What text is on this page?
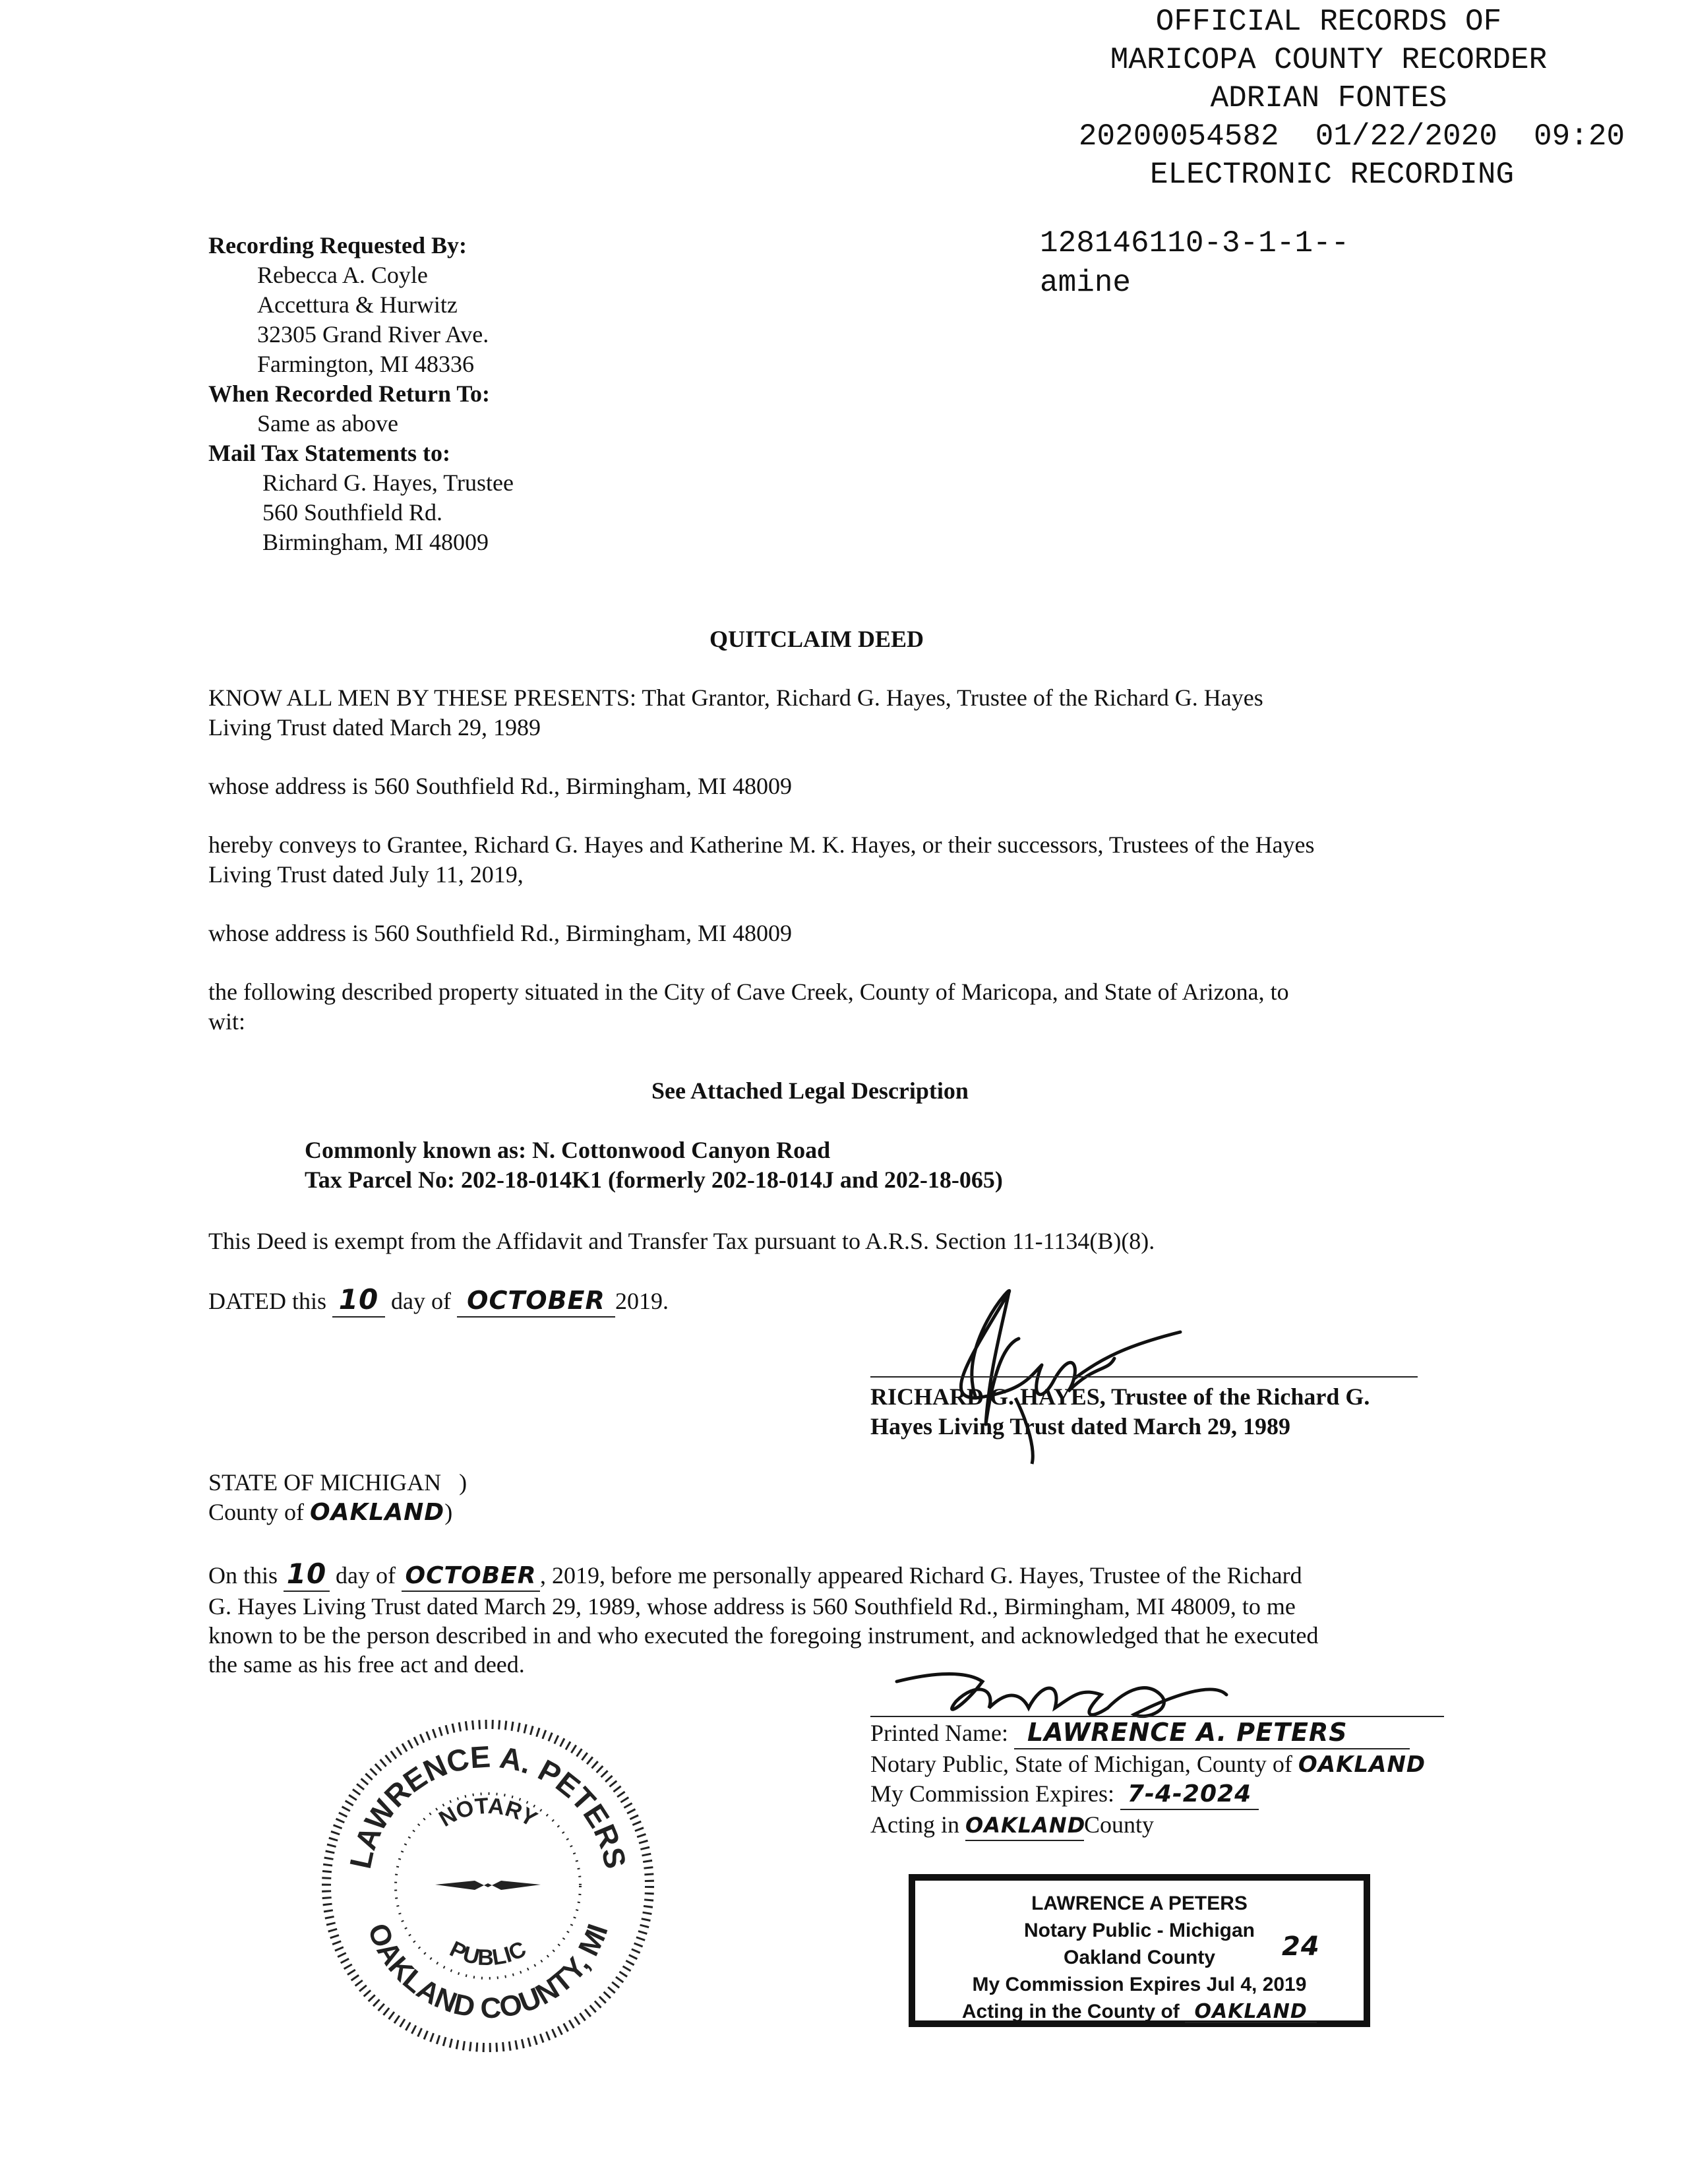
OFFICIAL RECORDS OF
MARICOPA COUNTY RECORDER
ADRIAN FONTES
20200054582  01/22/2020  09:20
ELECTRONIC RECORDING
128146110-3-1-1--
amine
Recording Requested By:
Rebecca A. Coyle
Accettura & Hurwitz
32305 Grand River Ave.
Farmington, MI 48336
When Recorded Return To:
Same as above
Mail Tax Statements to:
Richard G. Hayes, Trustee
560 Southfield Rd.
Birmingham, MI 48009
QUITCLAIM DEED
KNOW ALL MEN BY THESE PRESENTS: That Grantor, Richard G. Hayes, Trustee of the Richard G. Hayes
Living Trust dated March 29, 1989
whose address is 560 Southfield Rd., Birmingham, MI 48009
hereby conveys to Grantee, Richard G. Hayes and Katherine M. K. Hayes, or their successors, Trustees of the Hayes
Living Trust dated July 11, 2019,
whose address is 560 Southfield Rd., Birmingham, MI 48009
the following described property situated in the City of Cave Creek, County of Maricopa, and State of Arizona, to
wit:
See Attached Legal Description
Commonly known as: N. Cottonwood Canyon Road
Tax Parcel No: 202-18-014K1 (formerly 202-18-014J and 202-18-065)
This Deed is exempt from the Affidavit and Transfer Tax pursuant to A.R.S. Section 11-1134(B)(8).
DATED this 10 day of OCTOBER 2019.
RICHARD G. HAYES, Trustee of the Richard G.
Hayes Living Trust dated March 29, 1989
STATE OF MICHIGAN   )
County of OAKLAND)
On this 10 day of OCTOBER , 2019, before me personally appeared Richard G. Hayes, Trustee of the Richard
G. Hayes Living Trust dated March 29, 1989, whose address is 560 Southfield Rd., Birmingham, MI 48009, to me
known to be the person described in and who executed the foregoing instrument, and acknowledged that he executed
the same as his free act and deed.
Printed Name: LAWRENCE A. PETERS
Notary Public, State of Michigan, County of OAKLAND
My Commission Expires: 7-4-2024
Acting in OAKLANDCounty
LAWRENCE A. PETERS
OAKLAND COUNTY, MI
NOTARY
PUBLIC
LAWRENCE A PETERS
Notary Public - Michigan
Oakland County
My Commission Expires Jul 4, 2019
Acting in the County of OAKLAND
24
